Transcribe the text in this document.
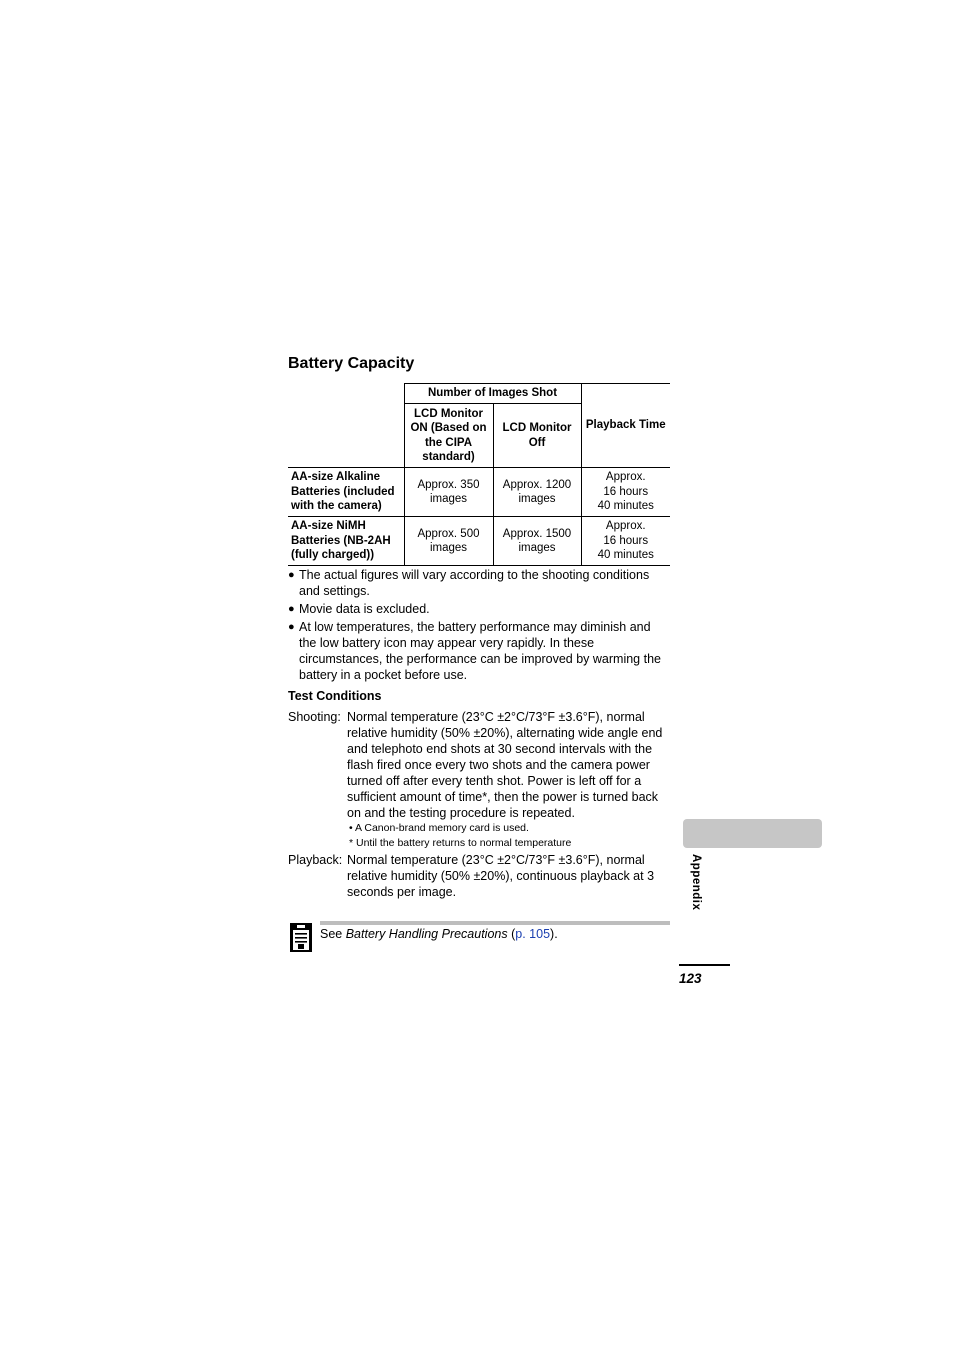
Battery Capacity
	Number of Images Shot		Playback Time
	LCD Monitor ON (Based on the CIPA standard)	LCD Monitor Off	
AA-size Alkaline Batteries (included with the camera)	Approx. 350 images	Approx. 1200 images	Approx.
16 hours
40 minutes
AA-size NiMH Batteries (NB-2AH (fully charged))	Approx. 500 images	Approx. 1500 images	Approx.
16 hours
40 minutes
● The actual figures will vary according to the shooting conditions and settings.
● Movie data is excluded.
● At low temperatures, the battery performance may diminish and the low battery icon may appear very rapidly. In these circumstances, the performance can be improved by warming the battery in a pocket before use.
Test Conditions
Shooting: Normal temperature (23°C ±2°C/73°F ±3.6°F), normal relative humidity (50% ±20%), alternating wide angle end and telephoto end shots at 30 second intervals with the flash fired once every two shots and the camera power turned off after every tenth shot. Power is left off for a sufficient amount of time*, then the power is turned back on and the testing procedure is repeated.
• A Canon-brand memory card is used.
* Until the battery returns to normal temperature
Playback: Normal temperature (23°C ±2°C/73°F ±3.6°F), normal relative humidity (50% ±20%), continuous playback at 3 seconds per image.
See Battery Handling Precautions (p. 105).
Appendix
123
